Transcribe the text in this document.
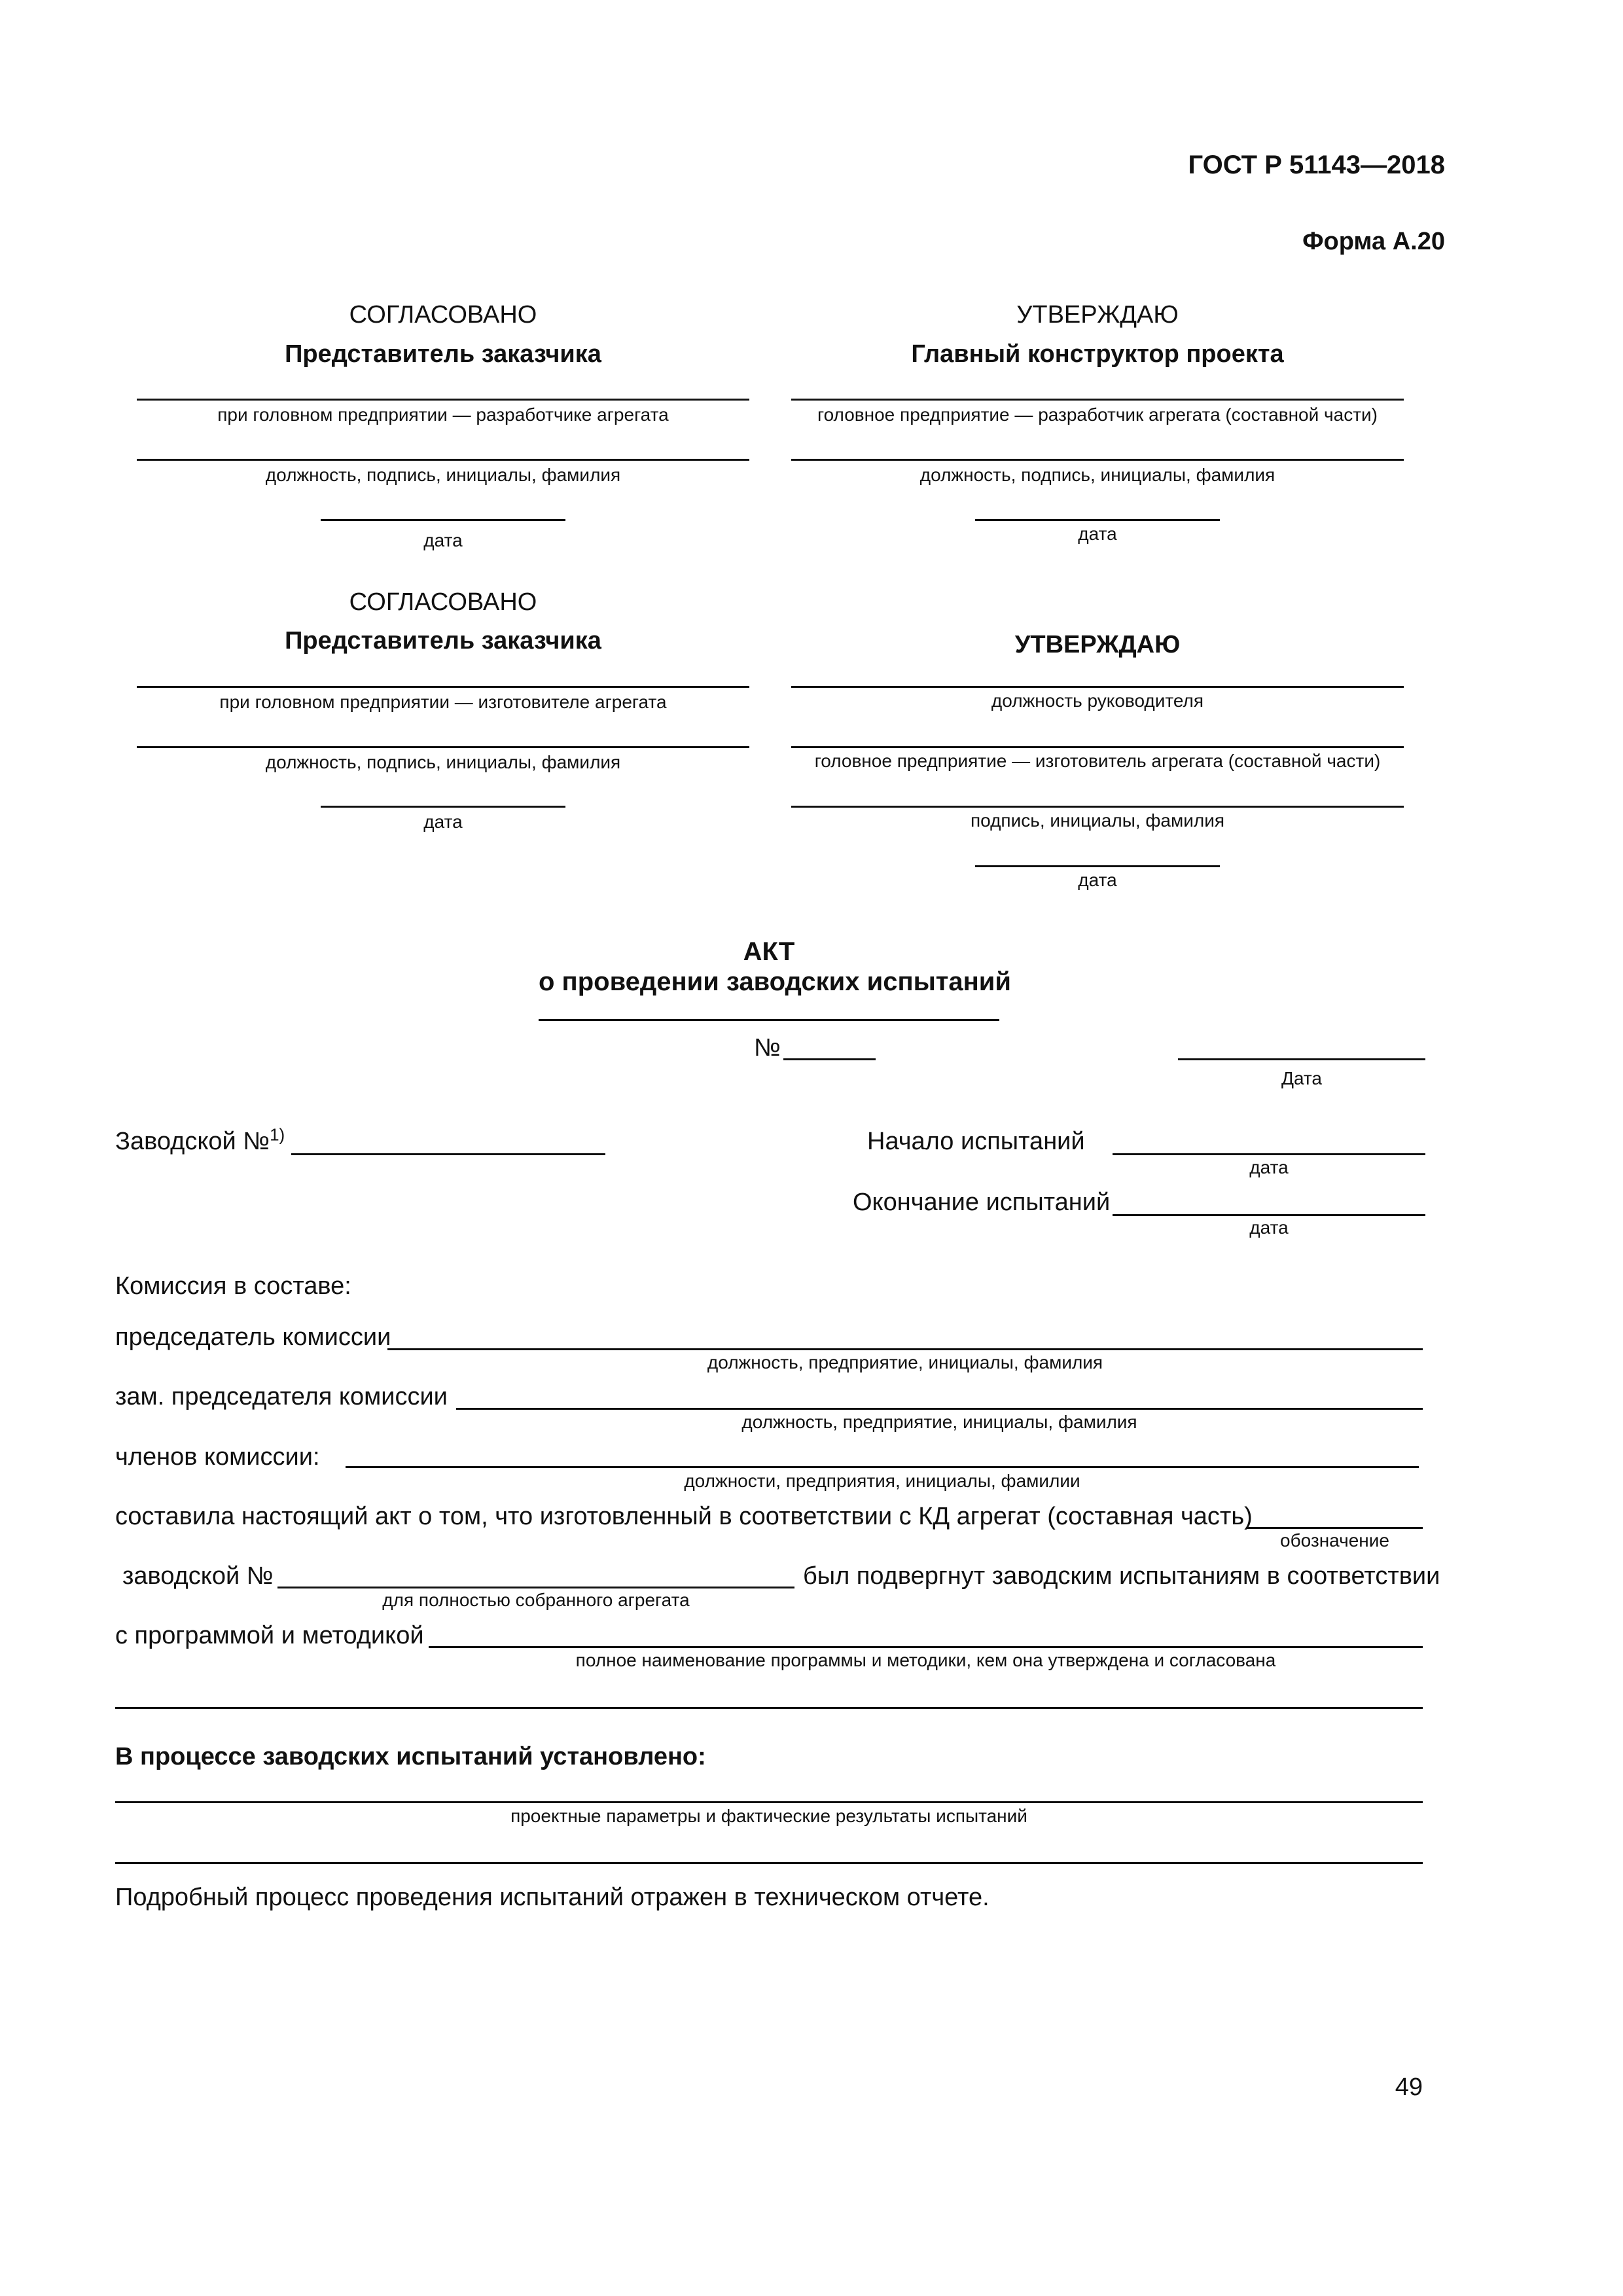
ГОСТ Р 51143—2018
Форма А.20
СОГЛАСОВАНО
Представитель заказчика
при головном предприятии — разработчике агрегата
должность, подпись, инициалы, фамилия
дата
УТВЕРЖДАЮ
Главный конструктор проекта
головное предприятие — разработчик агрегата (составной части)
должность, подпись, инициалы, фамилия
дата
СОГЛАСОВАНО
Представитель заказчика
при головном предприятии — изготовителе агрегата
должность, подпись, инициалы, фамилия
дата
УТВЕРЖДАЮ
должность руководителя
головное предприятие — изготовитель агрегата (составной части)
подпись, инициалы, фамилия
дата
АКТ
о проведении заводских испытаний
№
Дата
Заводской №$^{1)}$	Начало испытаний
дата
Окончание испытаний
дата
Комиссия в составе:
председатель комиссии
должность, предприятие, инициалы, фамилия
зам. председателя комиссии
должность, предприятие, инициалы, фамилия
членов комиссии:
должности, предприятия, инициалы, фамилии
составила настоящий акт о том, что изготовленный в соответствии с КД агрегат (составная часть)
обозначение
заводской №
для полностью собранного агрегата
был подвергнут заводским испытаниям в соответствии
с программой и методикой
полное наименование программы и методики, кем она утверждена и согласована
В процессе заводских испытаний установлено:
проектные параметры и фактические результаты испытаний
Подробный процесс проведения испытаний отражен в техническом отчете.
49
